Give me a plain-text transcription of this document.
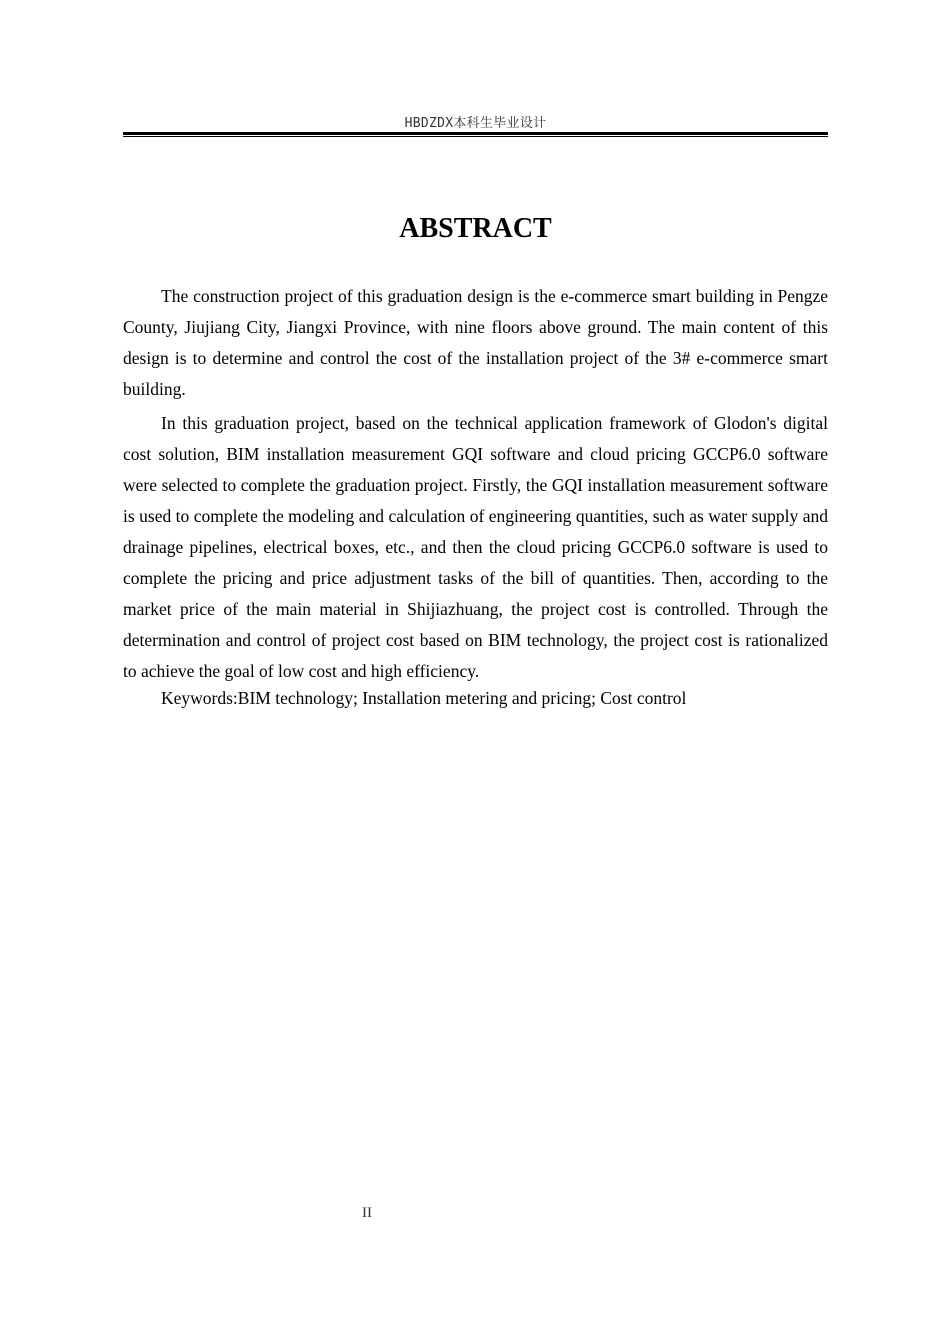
HBDZDX本科生毕业设计
ABSTRACT

The construction project of this graduation design is the e-commerce smart building in Pengze County, Jiujiang City, Jiangxi Province, with nine floors above ground. The main content of this design is to determine and control the cost of the installation project of the 3# e-commerce smart building.

In this graduation project, based on the technical application framework of Glodon's digital cost solution, BIM installation measurement GQI software and cloud pricing GCCP6.0 software were selected to complete the graduation project. Firstly, the GQI installation measurement software is used to complete the modeling and calculation of engineering quantities, such as water supply and drainage pipelines, electrical boxes, etc., and then the cloud pricing GCCP6.0 software is used to complete the pricing and price adjustment tasks of the bill of quantities. Then, according to the market price of the main material in Shijiazhuang, the project cost is controlled. Through the determination and control of project cost based on BIM technology, the project cost is rationalized to achieve the goal of low cost and high efficiency.

Keywords:BIM technology; Installation metering and pricing; Cost control

II
